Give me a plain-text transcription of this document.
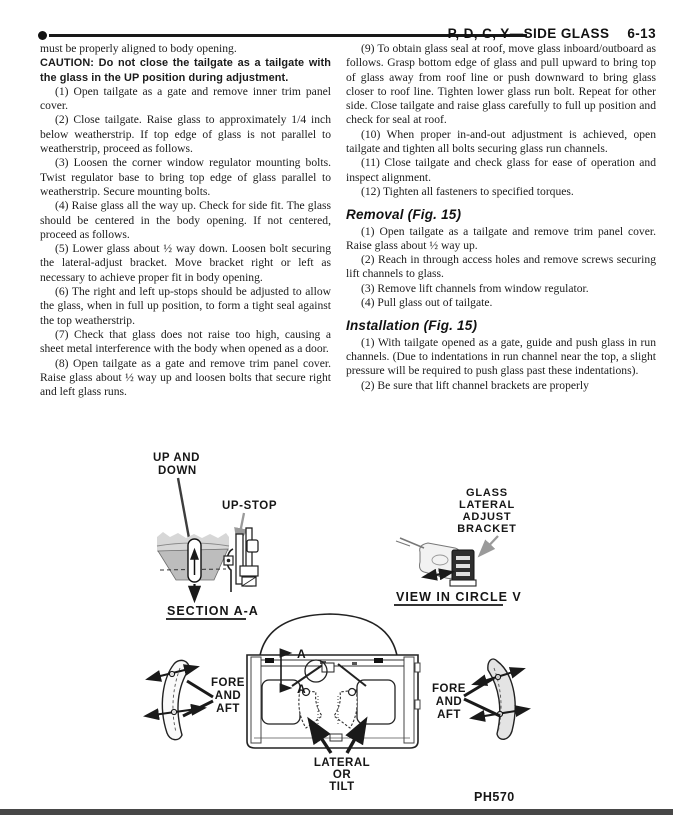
P, D, C, Y—SIDE GLASS 6-13

must be properly aligned to body opening.

CAUTION: Do not close the tailgate as a tailgate with the glass in the UP position during adjustment.

(1) Open tailgate as a gate and remove inner trim panel cover.

(2) Close tailgate. Raise glass to approximately 1/4 inch below weatherstrip. If top edge of glass is not parallel to weatherstrip, proceed as follows.

(3) Loosen the corner window regulator mounting bolts. Twist regulator base to bring top edge of glass parallel to weatherstrip. Secure mounting bolts.

(4) Raise glass all the way up. Check for side fit. The glass should be centered in the body opening. If not centered, proceed as follows.

(5) Lower glass about ½ way down. Loosen bolt securing the lateral-adjust bracket. Move bracket right or left as necessary to achieve proper fit in body opening.

(6) The right and left up-stops should be adjusted to allow the glass, when in full up position, to form a tight seal against the top weatherstrip.

(7) Check that glass does not raise too high, causing a sheet metal interference with the body when opened as a door.

(8) Open tailgate as a gate and remove trim panel cover. Raise glass about ½ way up and loosen bolts that secure right and left glass runs.

(9) To obtain glass seal at roof, move glass inboard/outboard as follows. Grasp bottom edge of glass and pull upward to bring top of glass away from roof line or push downward to bring glass closer to roof line. Tighten lower glass run bolt. Repeat for other side. Close tailgate and raise glass carefully to full up position and check for seal at roof.

(10) When proper in-and-out adjustment is achieved, open tailgate and tighten all bolts securing glass run channels.

(11) Close tailgate and check glass for ease of operation and inspect alignment.

(12) Tighten all fasteners to specified torques.

Removal (Fig. 15)

(1) Open tailgate as a tailgate and remove trim panel cover. Raise glass about ½ way up.

(2) Reach in through access holes and remove screws securing lift channels to glass.

(3) Remove lift channels from window regulator.

(4) Pull glass out of tailgate.

Installation (Fig. 15)

(1) With tailgate opened as a gate, guide and push glass in run channels. (Due to indentations in run channel near the top, a slight pressure will be required to push glass past these indentations).

(2) Be sure that lift channel brackets are properly

UP AND
DOWN
UP-STOP
SECTION A-A
GLASS
LATERAL
ADJUST
BRACKET
VIEW IN CIRCLE V
A
A
LATERAL
OR
TILT
FORE
AND
AFT
FORE
AND
AFT
PH570
